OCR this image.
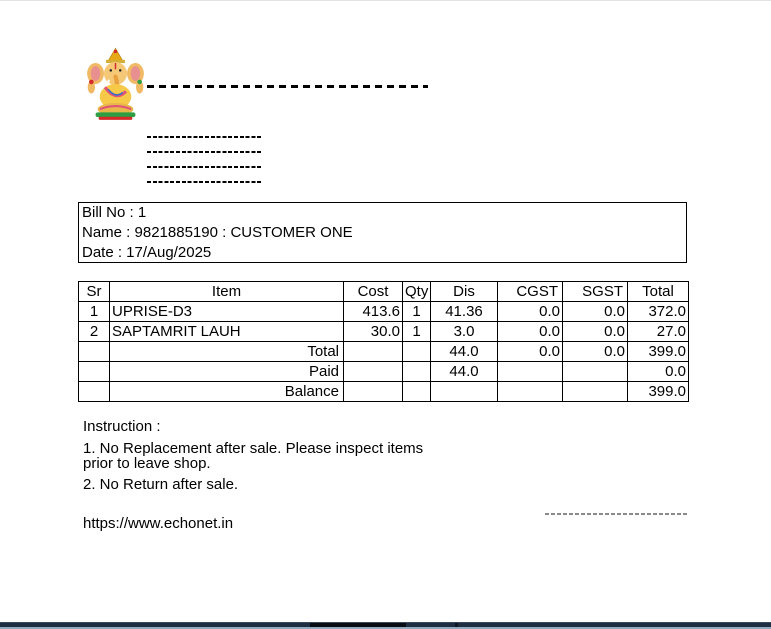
Bill No : 1
Name : 9821885190 : CUSTOMER ONE
Date : 17/Aug/2025
Sr	Item	Cost	Qty	Dis	CGST	SGST	Total
1	UPRISE-D3	413.6	1	41.36	0.0	0.0	372.0
2	SAPTAMRIT LAUH	30.0	1	3.0	0.0	0.0	27.0
	Total			44.0	0.0	0.0	399.0
	Paid			44.0			0.0
	Balance						399.0
Instruction :
1. No Replacement after sale. Please inspect items
prior to leave shop.
2. No Return after sale.
https://www.echonet.in
